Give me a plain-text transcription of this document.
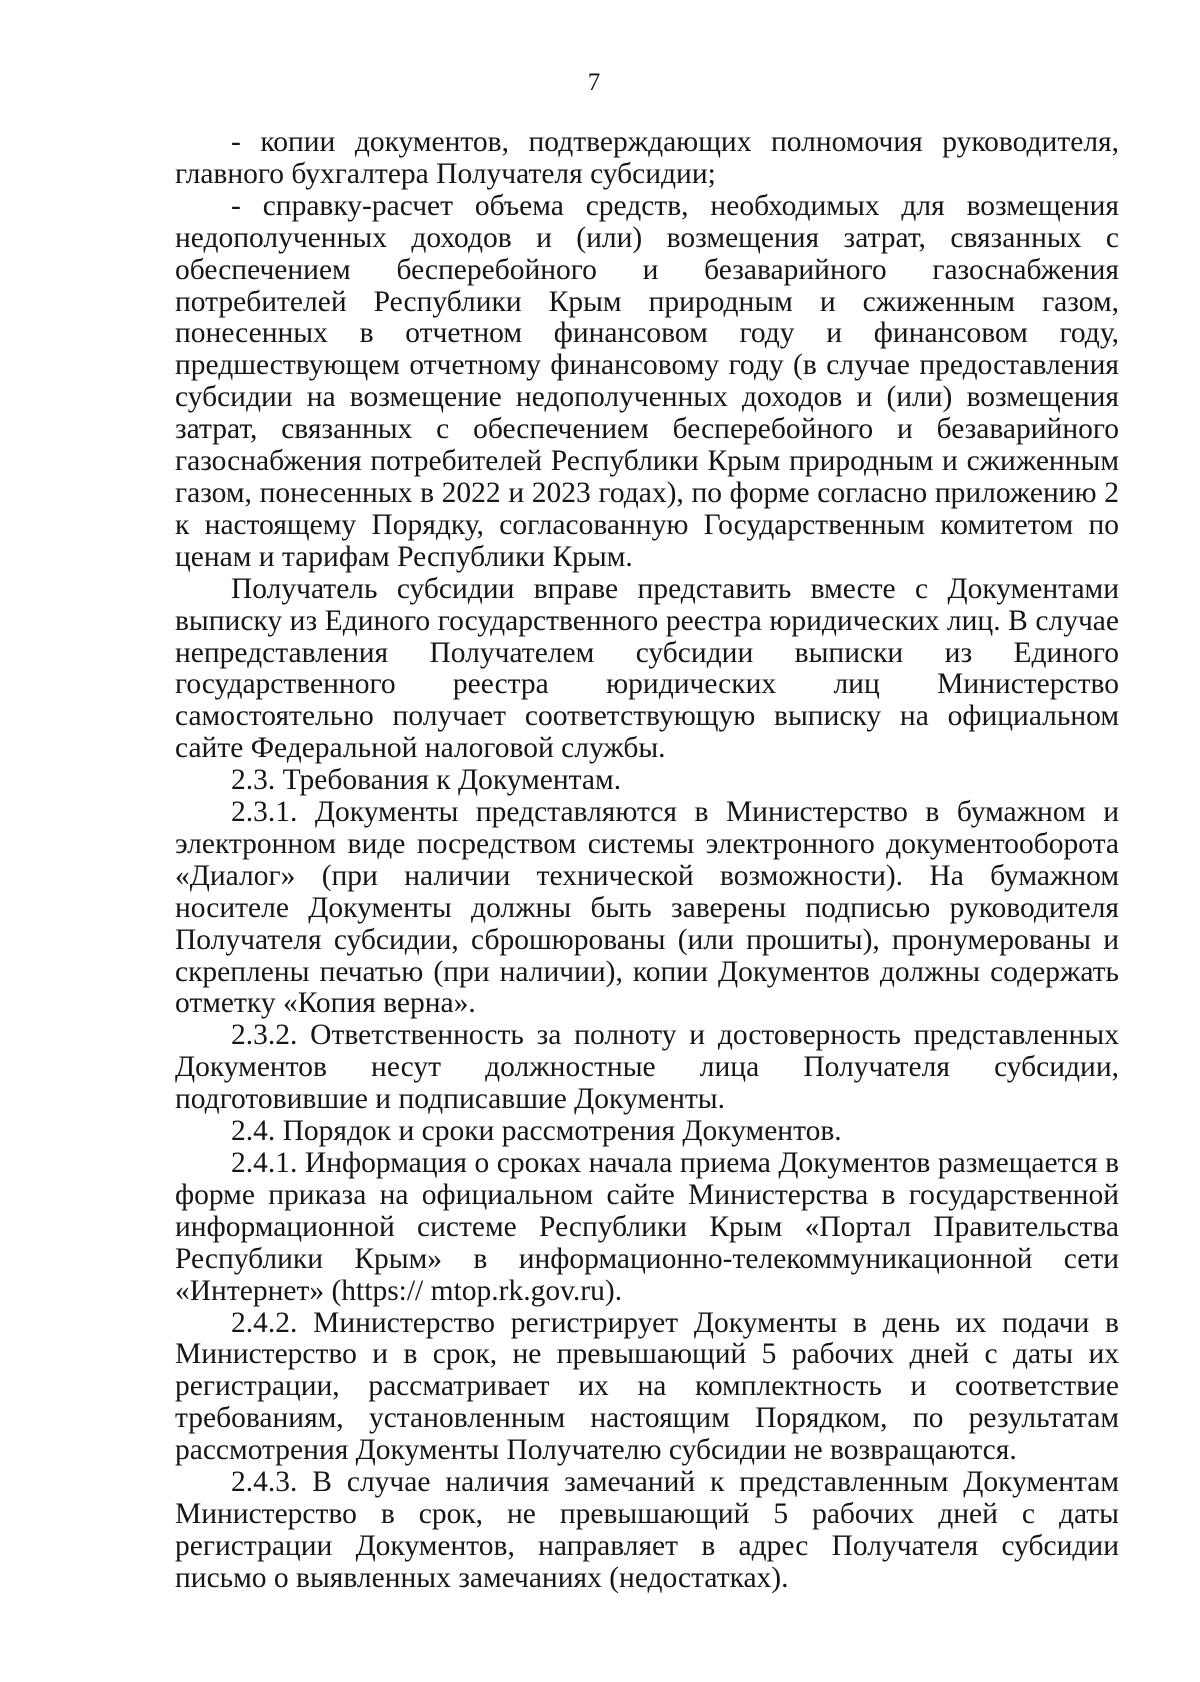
7

- копии документов, подтверждающих полномочия руководителя, главного бухгалтера Получателя субсидии;

- справку-расчет объема средств, необходимых для возмещения недополученных доходов и (или) возмещения затрат, связанных с обеспечением бесперебойного и безаварийного газоснабжения потребителей Республики Крым природным и сжиженным газом, понесенных в отчетном финансовом году и финансовом году, предшествующем отчетному финансовому году (в случае предоставления субсидии на возмещение недополученных доходов и (или) возмещения затрат, связанных с обеспечением бесперебойного и безаварийного газоснабжения потребителей Республики Крым природным и сжиженным газом, понесенных в 2022 и 2023 годах), по форме согласно приложению 2 к настоящему Порядку, согласованную Государственным комитетом по ценам и тарифам Республики Крым.

Получатель субсидии вправе представить вместе с Документами выписку из Единого государственного реестра юридических лиц. В случае непредставления Получателем субсидии выписки из Единого государственного реестра юридических лиц Министерство самостоятельно получает соответствующую выписку на официальном сайте Федеральной налоговой службы.

2.3. Требования к Документам.

2.3.1. Документы представляются в Министерство в бумажном и электронном виде посредством системы электронного документооборота «Диалог» (при наличии технической возможности). На бумажном носителе Документы должны быть заверены подписью руководителя Получателя субсидии, сброшюрованы (или прошиты), пронумерованы и скреплены печатью (при наличии), копии Документов должны содержать отметку «Копия верна».

2.3.2. Ответственность за полноту и достоверность представленных Документов несут должностные лица Получателя субсидии, подготовившие и подписавшие Документы.

2.4. Порядок и сроки рассмотрения Документов.

2.4.1. Информация о сроках начала приема Документов размещается в форме приказа на официальном сайте Министерства в государственной информационной системе Республики Крым «Портал Правительства Республики Крым» в информационно-телекоммуникационной сети «Интернет» (https:// mtop.rk.gov.ru).

2.4.2. Министерство регистрирует Документы в день их подачи в Министерство и в срок, не превышающий 5 рабочих дней с даты их регистрации, рассматривает их на комплектность и соответствие требованиям, установленным настоящим Порядком, по результатам рассмотрения Документы Получателю субсидии не возвращаются.

2.4.3. В случае наличия замечаний к представленным Документам Министерство в срок, не превышающий 5 рабочих дней с даты регистрации Документов, направляет в адрес Получателя субсидии письмо о выявленных замечаниях (недостатках).
